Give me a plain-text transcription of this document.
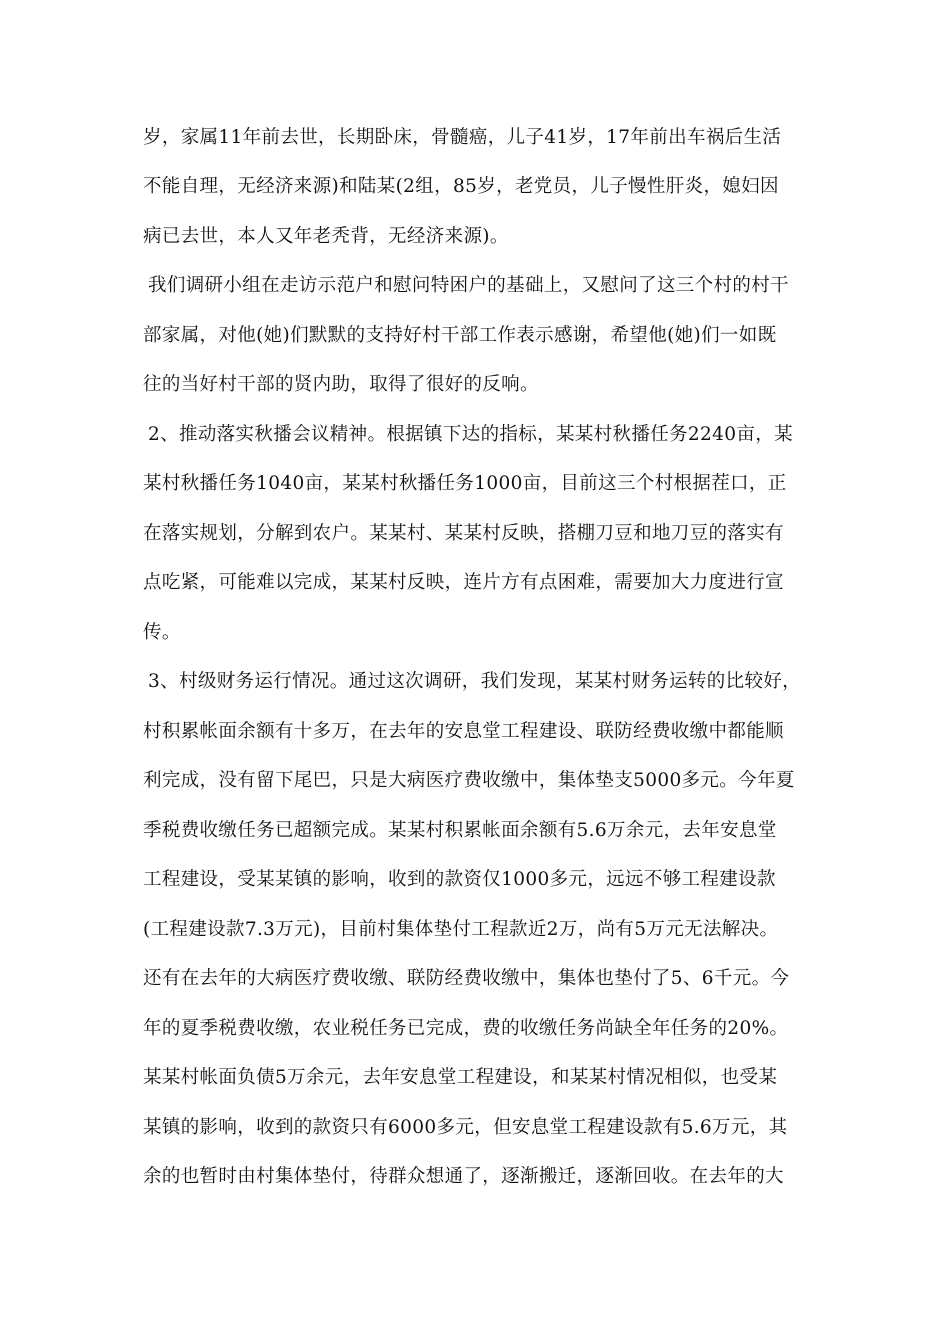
岁，家属11年前去世，长期卧床，骨髓癌，儿子41岁，17年前出车祸后生活
不能自理，无经济来源)和陆某(2组，85岁，老党员，儿子慢性肝炎，媳妇因
病已去世，本人又年老秃背，无经济来源)。
我们调研小组在走访示范户和慰问特困户的基础上，又慰问了这三个村的村干
部家属，对他(她)们默默的支持好村干部工作表示感谢，希望他(她)们一如既
往的当好村干部的贤内助，取得了很好的反响。
2、推动落实秋播会议精神。根据镇下达的指标，某某村秋播任务2240亩，某
某村秋播任务1040亩，某某村秋播任务1000亩，目前这三个村根据茬口，正
在落实规划，分解到农户。某某村、某某村反映，搭棚刀豆和地刀豆的落实有
点吃紧，可能难以完成，某某村反映，连片方有点困难，需要加大力度进行宣
传。
3、村级财务运行情况。通过这次调研，我们发现，某某村财务运转的比较好，
村积累帐面余额有十多万，在去年的安息堂工程建设、联防经费收缴中都能顺
利完成，没有留下尾巴，只是大病医疗费收缴中，集体垫支5000多元。今年夏
季税费收缴任务已超额完成。某某村积累帐面余额有5.6万余元，去年安息堂
工程建设，受某某镇的影响，收到的款资仅1000多元，远远不够工程建设款
(工程建设款7.3万元)，目前村集体垫付工程款近2万，尚有5万元无法解决。
还有在去年的大病医疗费收缴、联防经费收缴中，集体也垫付了5、6千元。今
年的夏季税费收缴，农业税任务已完成，费的收缴任务尚缺全年任务的20%。
某某村帐面负债5万余元，去年安息堂工程建设，和某某村情况相似，也受某
某镇的影响，收到的款资只有6000多元，但安息堂工程建设款有5.6万元，其
余的也暂时由村集体垫付，待群众想通了，逐渐搬迁，逐渐回收。在去年的大
